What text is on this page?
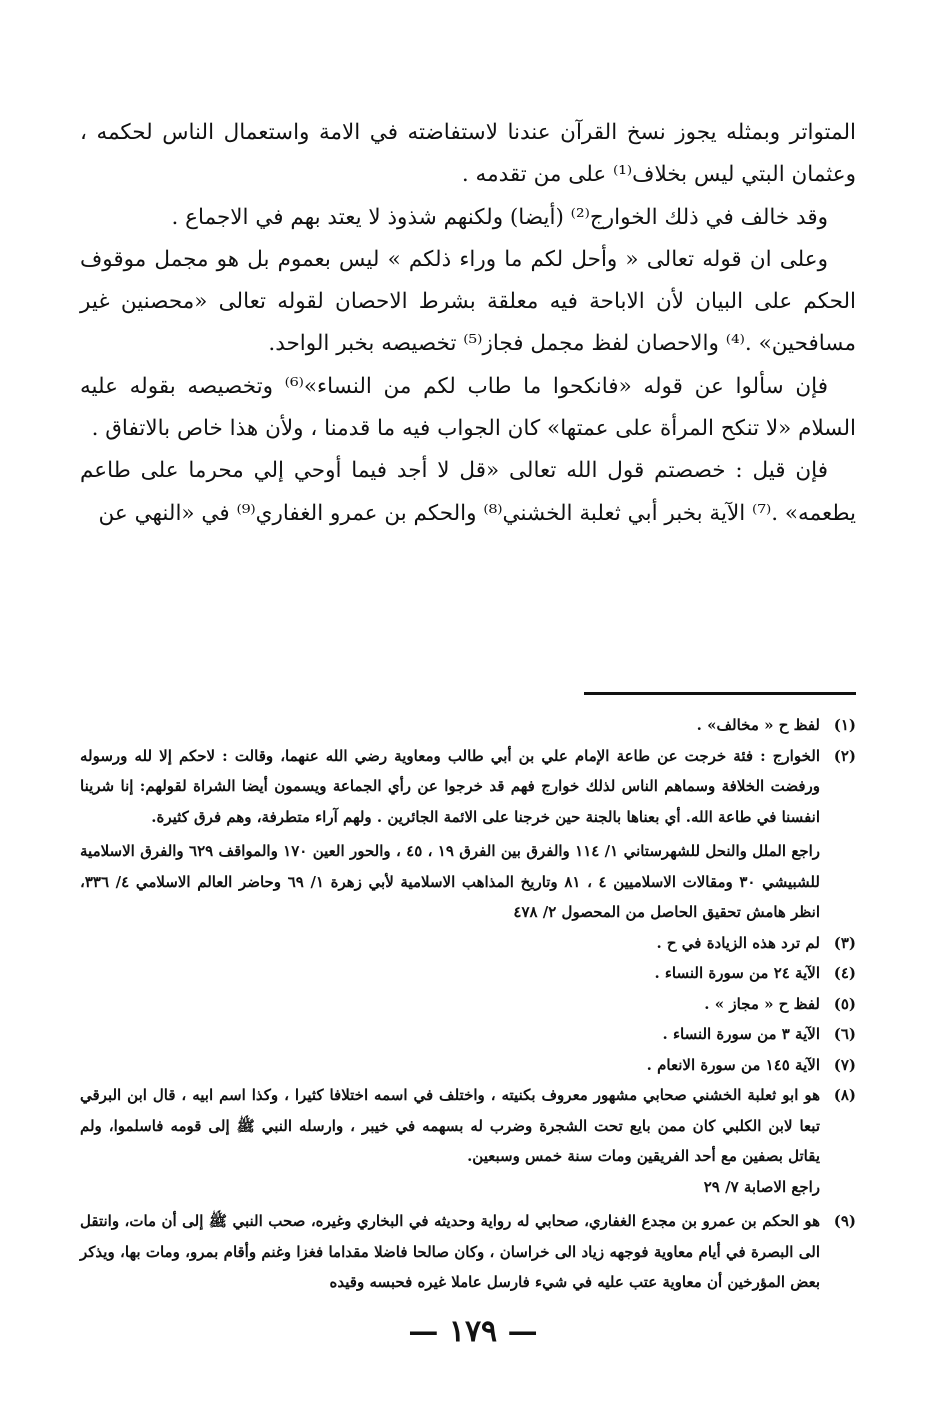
المتواتر وبمثله يجوز نسخ القرآن عندنا لاستفاضته في الامة واستعمال الناس لحكمه ، وعثمان البتي ليس بخلاف⁽¹⁾ على من تقدمه .

وقد خالف في ذلك الخوارج⁽²⁾ (أيضا) ولكنهم شذوذ لا يعتد بهم في الاجماع .

وعلى ان قوله تعالى « وأحل لكم ما وراء ذلكم » ليس بعموم بل هو مجمل موقوف الحكم على البيان لأن الاباحة فيه معلقة بشرط الاحصان لقوله تعالى «محصنين غير مسافحين» .⁽⁴⁾ والاحصان لفظ مجمل فجاز⁽⁵⁾ تخصيصه بخبر الواحد.

فإن سألوا عن قوله «فانكحوا ما طاب لكم من النساء»⁽⁶⁾ وتخصيصه بقوله عليه السلام «لا تنكح المرأة على عمتها» كان الجواب فيه ما قدمنا ، ولأن هذا خاص بالاتفاق .

فإن قيل : خصصتم قول الله تعالى «قل لا أجد فيما أوحي إلي محرما على طاعم يطعمه» .⁽⁷⁾ الآية بخبر أبي ثعلبة الخشني⁽⁸⁾ والحكم بن عمرو الغفاري⁽⁹⁾ في «النهي عن

(١)
لفظ ح « مخالف» .

(٢)
الخوارج : فئة خرجت عن طاعة الإمام علي بن أبي طالب ومعاوية رضي الله عنهما، وقالت : لاحكم إلا لله ورسوله ورفضت الخلافة وسماهم الناس لذلك خوارج فهم قد خرجوا عن رأي الجماعة ويسمون أيضا الشراة لقولهم: إنا شرينا انفسنا في طاعة الله. أي بعناها بالجنة حين خرجنا على الائمة الجائرين . ولهم آراء متطرفة، وهم فرق كثيرة.

راجع الملل والنحل للشهرستاني ١/ ١١٤ والفرق بين الفرق ١٩ ، ٤٥ ، والحور العين ١٧٠ والمواقف ٦٢٩ والفرق الاسلامية للشبيشي ٣٠ ومقالات الاسلاميين ٤ ، ٨١ وتاريخ المذاهب الاسلامية لأبي زهرة ١/ ٦٩ وحاضر العالم الاسلامي ٤/ ٣٣٦، انظر هامش تحقيق الحاصل من المحصول ٢/ ٤٧٨

(٣)
لم ترد هذه الزيادة في ح .

(٤)
الآية ٢٤ من سورة النساء .

(٥)
لفظ ح « مجاز » .

(٦)
الآية ٣ من سورة النساء .

(٧)
الآية ١٤٥ من سورة الانعام .

(٨)
هو ابو ثعلبة الخشني صحابي مشهور معروف بكنيته ، واختلف في اسمه اختلافا كثيرا ، وكذا اسم ابيه ، قال ابن البرقي تبعا لابن الكلبي كان ممن بايع تحت الشجرة وضرب له بسهمه في خيبر ، وارسله النبي ﷺ إلى قومه فاسلموا، ولم يقاتل بصفين مع أحد الفريقين ومات سنة خمس وسبعين.

راجع الاصابة ٧/ ٢٩

(٩)
هو الحكم بن عمرو بن مجدع الغفاري، صحابي له رواية وحديثه في البخاري وغيره، صحب النبي ﷺ إلى أن مات، وانتقل الى البصرة في أيام معاوية فوجهه زياد الى خراسان ، وكان صالحا فاضلا مقداما فغزا وغنم وأقام بمرو، ومات بها، ويذكر بعض المؤرخين أن معاوية عتب عليه في شيء فارسل عاملا غيره فحبسه وقيده

— ١٧٩ —
